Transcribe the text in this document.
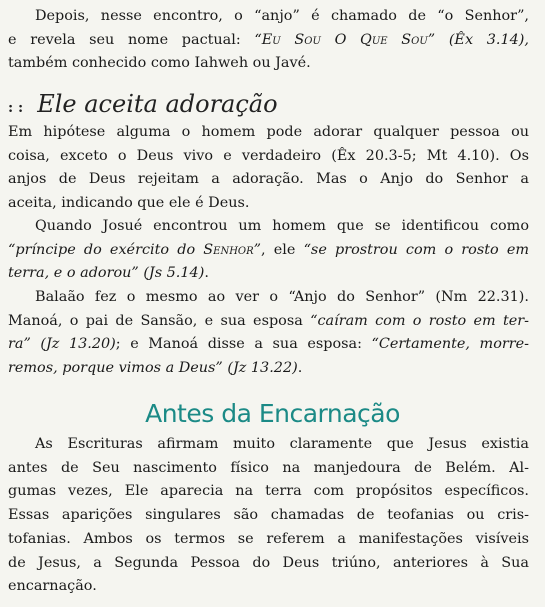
Depois, nesse encontro, o “anjo” é chamado de “o Senhor”,
e revela seu nome pactual: “Eu Sou O Que Sou” (Êx 3.14),
também conhecido como Iahweh ou Javé.
: : Ele aceita adoração
Em hipótese alguma o homem pode adorar qualquer pessoa ou
coisa, exceto o Deus vivo e verdadeiro (Êx 20.3-5; Mt 4.10). Os
anjos de Deus rejeitam a adoração. Mas o Anjo do Senhor a
aceita, indicando que ele é Deus.
Quando Josué encontrou um homem que se identificou como
“príncipe do exército do Senhor”, ele “se prostrou com o rosto em
terra, e o adorou” (Js 5.14).
Balaão fez o mesmo ao ver o “Anjo do Senhor” (Nm 22.31).
Manoá, o pai de Sansão, e sua esposa “caíram com o rosto em ter-
ra” (Jz 13.20); e Manoá disse a sua esposa: “Certamente, morre-
remos, porque vimos a Deus” (Jz 13.22).
Antes da Encarnação
As Escrituras afirmam muito claramente que Jesus existia
antes de Seu nascimento físico na manjedoura de Belém. Al-
gumas vezes, Ele aparecia na terra com propósitos específicos.
Essas aparições singulares são chamadas de teofanias ou cris-
tofanias. Ambos os termos se referem a manifestações visíveis
de Jesus, a Segunda Pessoa do Deus triúno, anteriores à Sua
encarnação.
